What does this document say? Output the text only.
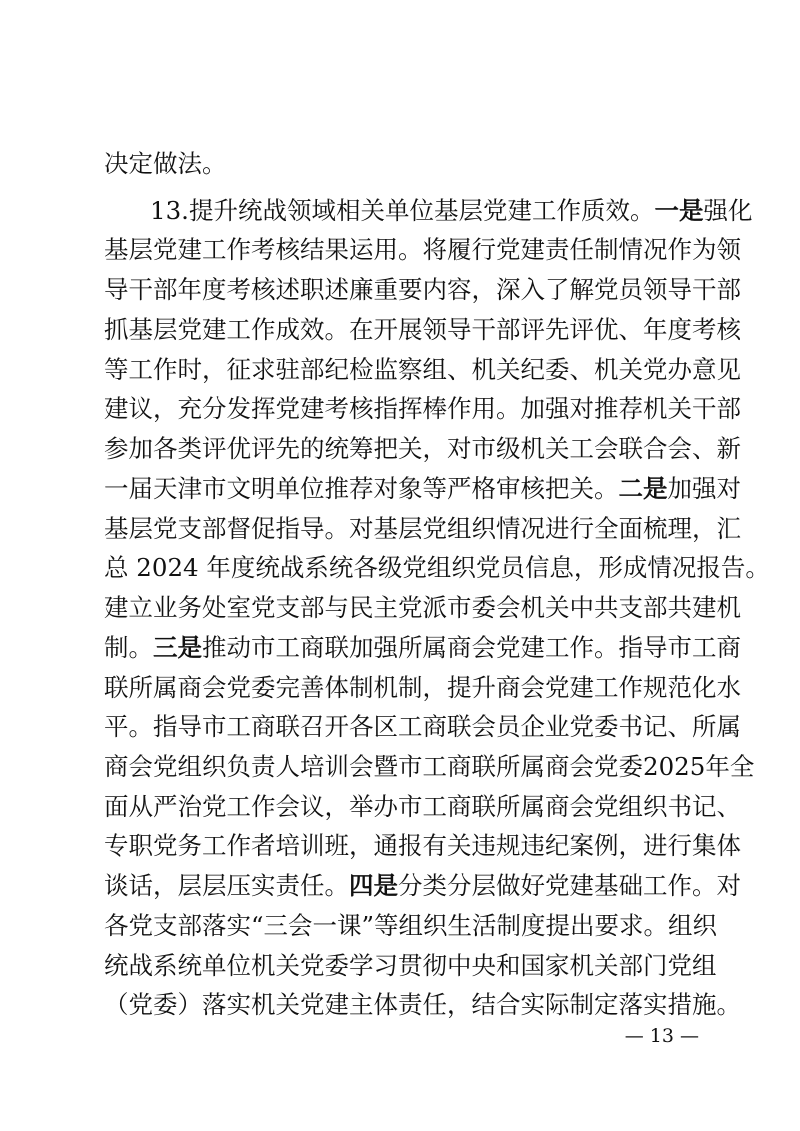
决定做法。
13.提升统战领域相关单位基层党建工作质效。一是强化
基层党建工作考核结果运用。将履行党建责任制情况作为领
导干部年度考核述职述廉重要内容，深入了解党员领导干部
抓基层党建工作成效。在开展领导干部评先评优、年度考核
等工作时，征求驻部纪检监察组、机关纪委、机关党办意见
建议，充分发挥党建考核指挥棒作用。加强对推荐机关干部
参加各类评优评先的统筹把关，对市级机关工会联合会、新
一届天津市文明单位推荐对象等严格审核把关。二是加强对
基层党支部督促指导。对基层党组织情况进行全面梳理，汇
总 2024 年度统战系统各级党组织党员信息，形成情况报告。
建立业务处室党支部与民主党派市委会机关中共支部共建机
制。三是推动市工商联加强所属商会党建工作。指导市工商
联所属商会党委完善体制机制，提升商会党建工作规范化水
平。指导市工商联召开各区工商联会员企业党委书记、所属
商会党组织负责人培训会暨市工商联所属商会党委2025年全
面从严治党工作会议，举办市工商联所属商会党组织书记、
专职党务工作者培训班，通报有关违规违纪案例，进行集体
谈话，层层压实责任。四是分类分层做好党建基础工作。对
各党支部落实“三会一课”等组织生活制度提出要求。组织
统战系统单位机关党委学习贯彻中央和国家机关部门党组
（党委）落实机关党建主体责任，结合实际制定落实措施。
— 13 —
